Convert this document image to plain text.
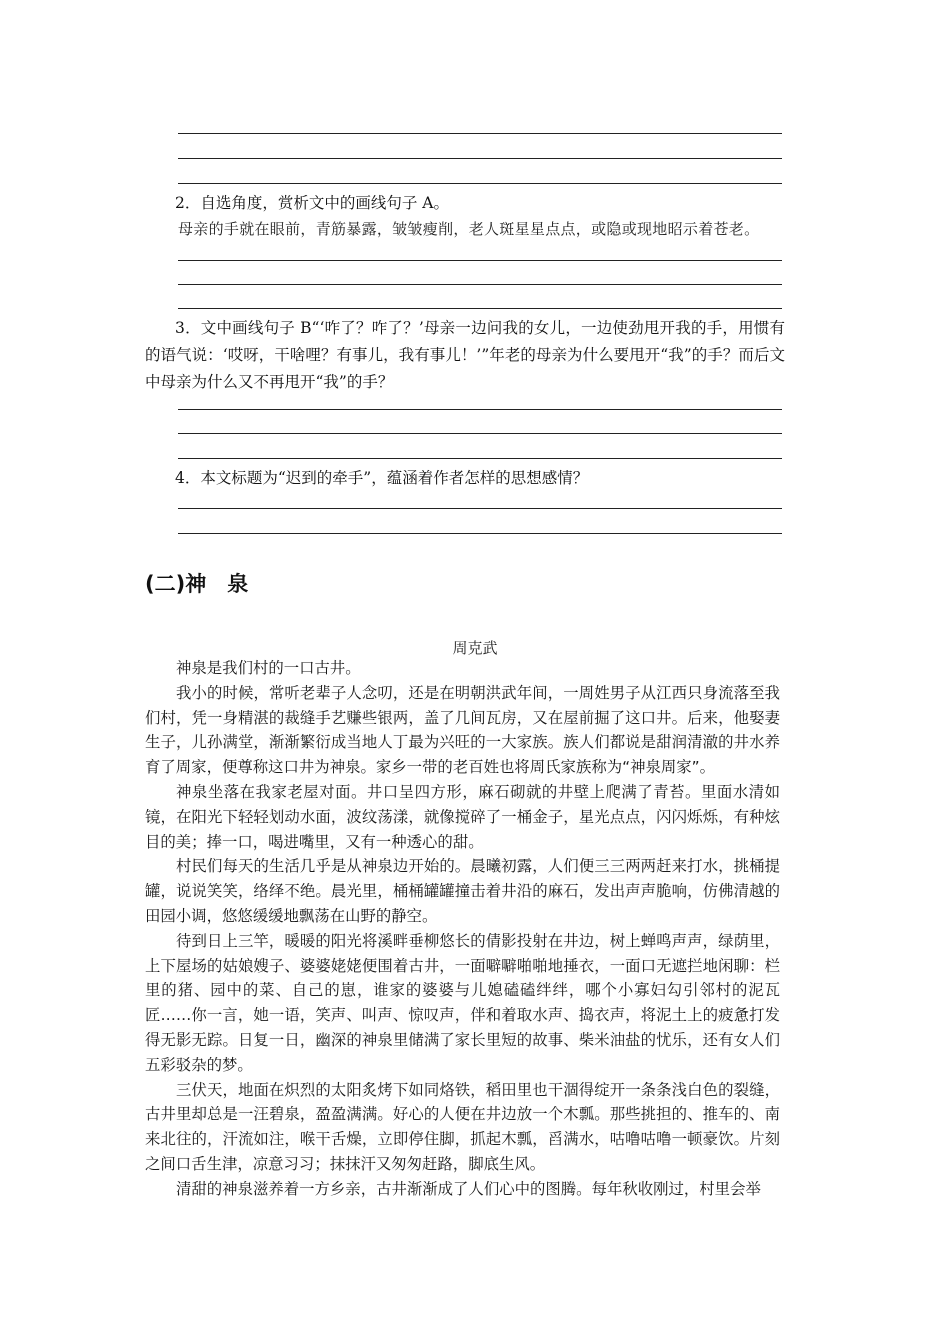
2．自选角度，赏析文中的画线句子 A。
母亲的手就在眼前，青筋暴露，皱皱瘦削，老人斑星星点点，或隐或现地昭示着苍老。
3．文中画线句子 B“‘咋了？咋了？’母亲一边问我的女儿，一边使劲甩开我的手，用惯有的语气说：‘哎呀，干啥哩？有事儿，我有事儿！’”年老的母亲为什么要甩开“我”的手？而后文中母亲为什么又不再甩开“我”的手？
4．本文标题为“迟到的牵手”，蕴涵着作者怎样的思想感情？
(二)神　泉
周克武

神泉是我们村的一口古井。

我小的时候，常听老辈子人念叨，还是在明朝洪武年间，一周姓男子从江西只身流落至我们村，凭一身精湛的裁缝手艺赚些银两，盖了几间瓦房，又在屋前掘了这口井。后来，他娶妻生子，儿孙满堂，渐渐繁衍成当地人丁最为兴旺的一大家族。族人们都说是甜润清澈的井水养育了周家，便尊称这口井为神泉。家乡一带的老百姓也将周氏家族称为“神泉周家”。

神泉坐落在我家老屋对面。井口呈四方形，麻石砌就的井壁上爬满了青苔。里面水清如镜，在阳光下轻轻划动水面，波纹荡漾，就像搅碎了一桶金子，星光点点，闪闪烁烁，有种炫目的美；捧一口，喝进嘴里，又有一种透心的甜。

村民们每天的生活几乎是从神泉边开始的。晨曦初露，人们便三三两两赶来打水，挑桶提罐，说说笑笑，络绎不绝。晨光里，桶桶罐罐撞击着井沿的麻石，发出声声脆响，仿佛清越的田园小调，悠悠缓缓地飘荡在山野的静空。

待到日上三竿，暖暖的阳光将溪畔垂柳悠长的倩影投射在井边，树上蝉鸣声声，绿荫里，上下屋场的姑娘嫂子、婆婆姥姥便围着古井，一面噼噼啪啪地捶衣，一面口无遮拦地闲聊：栏里的猪、园中的菜、自己的崽，谁家的婆婆与儿媳磕磕绊绊，哪个小寡妇勾引邻村的泥瓦匠……你一言，她一语，笑声、叫声、惊叹声，伴和着取水声、捣衣声，将泥土上的疲惫打发得无影无踪。日复一日，幽深的神泉里储满了家长里短的故事、柴米油盐的忧乐，还有女人们五彩驳杂的梦。

三伏天，地面在炽烈的太阳炙烤下如同烙铁，稻田里也干涸得绽开一条条浅白色的裂缝，古井里却总是一汪碧泉，盈盈满满。好心的人便在井边放一个木瓢。那些挑担的、推车的、南来北往的，汗流如注，喉干舌燥，立即停住脚，抓起木瓢，舀满水，咕噜咕噜一顿豪饮。片刻之间口舌生津，凉意习习；抹抹汗又匆匆赶路，脚底生风。

清甜的神泉滋养着一方乡亲，古井渐渐成了人们心中的图腾。每年秋收刚过，村里会举
